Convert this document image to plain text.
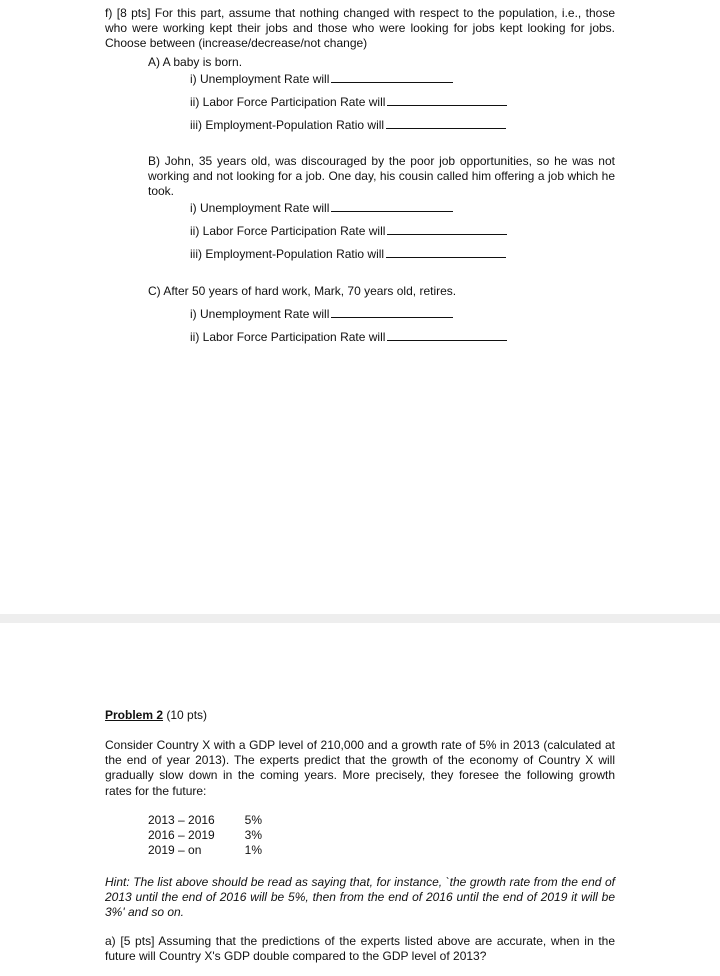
f) [8 pts] For this part, assume that nothing changed with respect to the population, i.e., those who were working kept their jobs and those who were looking for jobs kept looking for jobs. Choose between (increase/decrease/not change)
A) A baby is born.
i) Unemployment Rate will
ii) Labor Force Participation Rate will
iii) Employment-Population Ratio will
B) John, 35 years old, was discouraged by the poor job opportunities, so he was not working and not looking for a job. One day, his cousin called him offering a job which he took.
i) Unemployment Rate will
ii) Labor Force Participation Rate will
iii) Employment-Population Ratio will
C) After 50 years of hard work, Mark, 70 years old, retires.
i) Unemployment Rate will
ii) Labor Force Participation Rate will
Problem 2 (10 pts)
Consider Country X with a GDP level of 210,000 and a growth rate of 5% in 2013 (calculated at the end of year 2013). The experts predict that the growth of the economy of Country X will gradually slow down in the coming years. More precisely, they foresee the following growth rates for the future:
2013 – 2016	5%
2016 – 2019	3%
2019 – on	1%
Hint: The list above should be read as saying that, for instance, `the growth rate from the end of 2013 until the end of 2016 will be 5%, then from the end of 2016 until the end of 2019 it will be 3%' and so on.
a) [5 pts] Assuming that the predictions of the experts listed above are accurate, when in the future will Country X's GDP double compared to the GDP level of 2013?
